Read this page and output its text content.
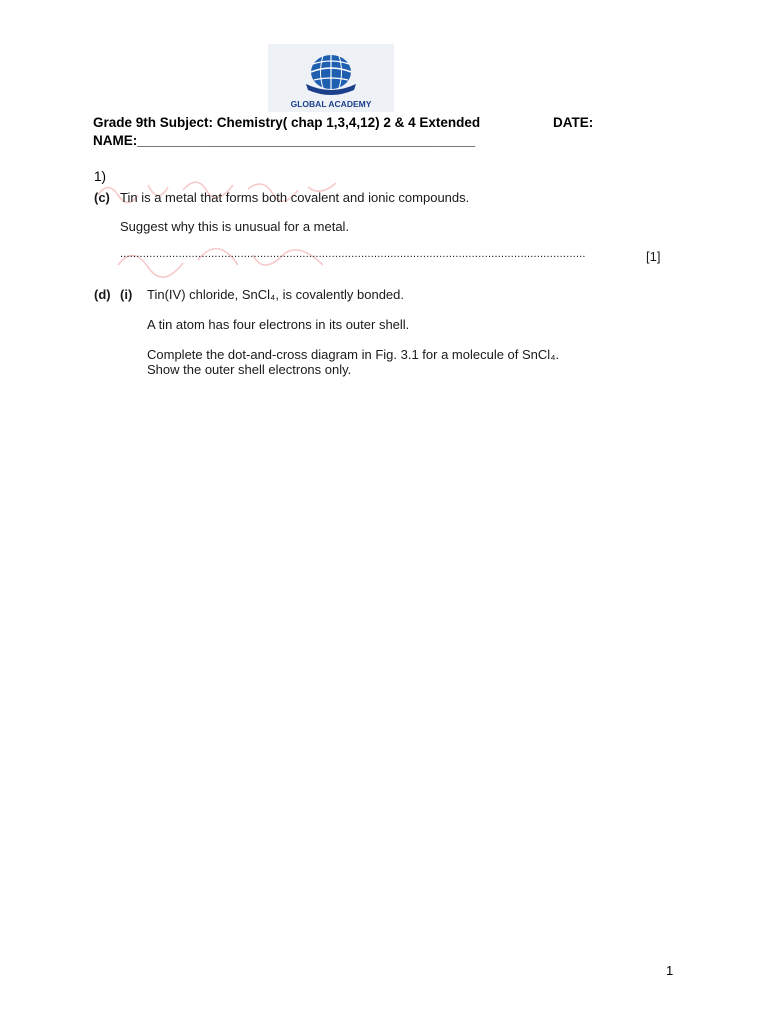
GLOBAL ACADEMY
Grade 9th Subject: Chemistry( chap 1,3,4,12) 2 & 4 Extended	DATE:
NAME:_____________________________________________
1)
(c) Tin is a metal that forms both covalent and ionic compounds.
Suggest why this is unusual for a metal.
...............................................................................................................................................	[1]
(d) (i) Tin(IV) chloride, SnCl₄, is covalently bonded.
A tin atom has four electrons in its outer shell.
Complete the dot-and-cross diagram in Fig. 3.1 for a molecule of SnCl₄.
Show the outer shell electrons only.
1
